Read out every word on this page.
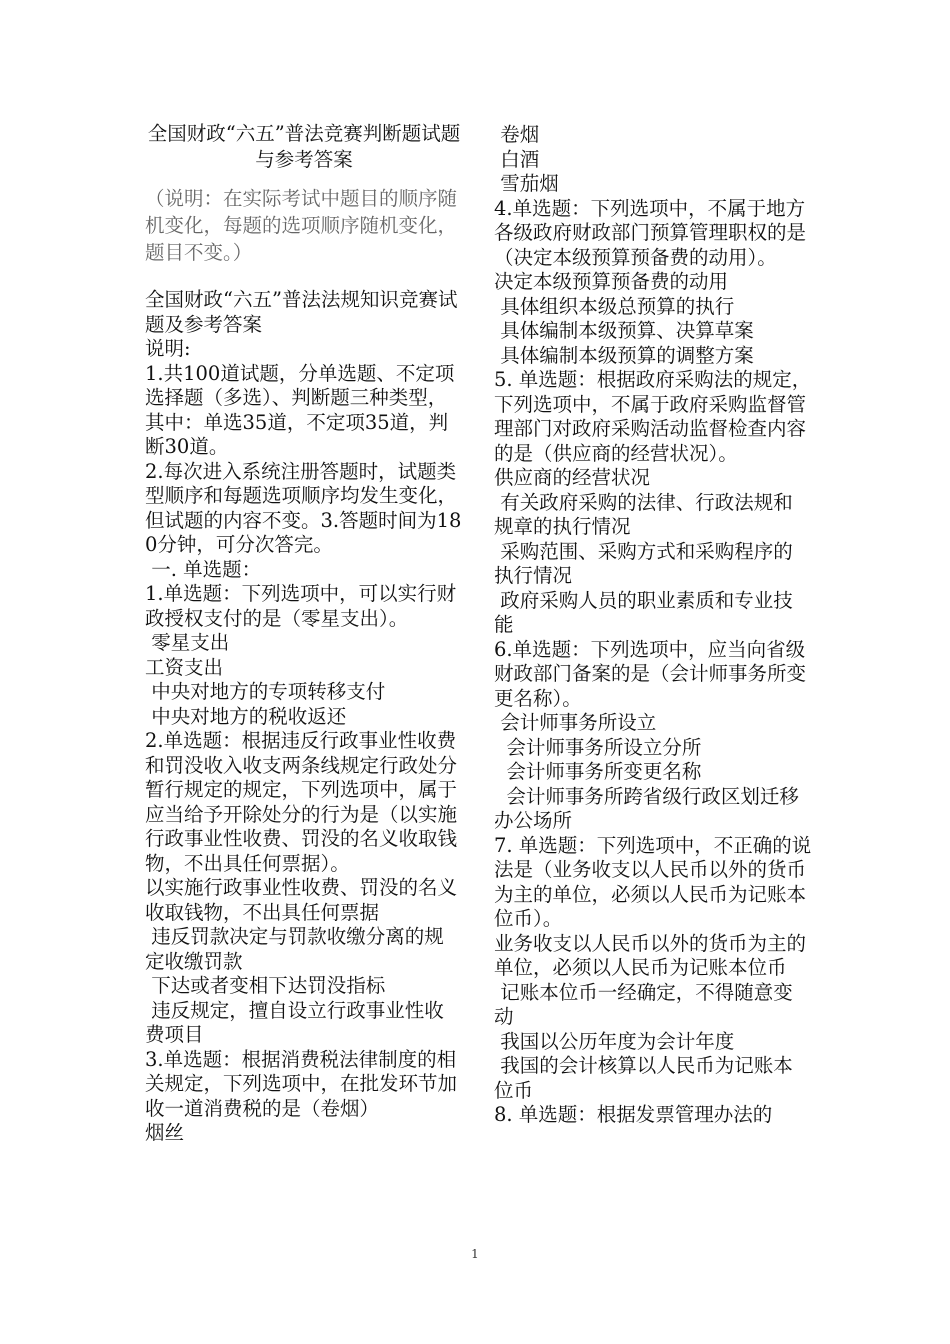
全国财政“六五”普法竞赛判断题试题与参考答案

（说明：在实际考试中题目的顺序随机变化，每题的选项顺序随机变化，题目不变。）

全国财政“六五”普法法规知识竞赛试题及参考答案

说明:

1.共100道试题，分单选题、不定项选择题（多选）、判断题三种类型，其中：单选35道，不定项35道，判断30道。

2.每次进入系统注册答题时，试题类型顺序和每题选项顺序均发生变化，但试题的内容不变。3.答题时间为180分钟，可分次答完。

一. 单选题：

1.单选题：下列选项中，可以实行财政授权支付的是（零星支出）。

零星支出

工资支出

中央对地方的专项转移支付

中央对地方的税收返还

2.单选题：根据违反行政事业性收费和罚没收入收支两条线规定行政处分暂行规定的规定，下列选项中，属于应当给予开除处分的行为是（以实施行政事业性收费、罚没的名义收取钱物，不出具任何票据）。

以实施行政事业性收费、罚没的名义收取钱物，不出具任何票据

违反罚款决定与罚款收缴分离的规定收缴罚款

下达或者变相下达罚没指标

违反规定，擅自设立行政事业性收费项目

3.单选题：根据消费税法律制度的相关规定，下列选项中，在批发环节加收一道消费税的是（卷烟）

烟丝

卷烟

白酒

雪茄烟

4.单选题：下列选项中，不属于地方各级政府财政部门预算管理职权的是（决定本级预算预备费的动用）。

决定本级预算预备费的动用

具体组织本级总预算的执行

具体编制本级预算、决算草案

具体编制本级预算的调整方案

5. 单选题：根据政府采购法的规定，下列选项中，不属于政府采购监督管理部门对政府采购活动监督检查内容的是（供应商的经营状况）。

供应商的经营状况

有关政府采购的法律、行政法规和规章的执行情况

采购范围、采购方式和采购程序的执行情况

政府采购人员的职业素质和专业技能

6.单选题：下列选项中，应当向省级财政部门备案的是（会计师事务所变更名称）。

会计师事务所设立

会计师事务所设立分所

会计师事务所变更名称

会计师事务所跨省级行政区划迁移办公场所

7. 单选题：下列选项中，不正确的说法是（业务收支以人民币以外的货币为主的单位，必须以人民币为记账本位币）。

业务收支以人民币以外的货币为主的单位，必须以人民币为记账本位币

记账本位币一经确定，不得随意变动

我国以公历年度为会计年度

我国的会计核算以人民币为记账本位币

8. 单选题：根据发票管理办法的

1
